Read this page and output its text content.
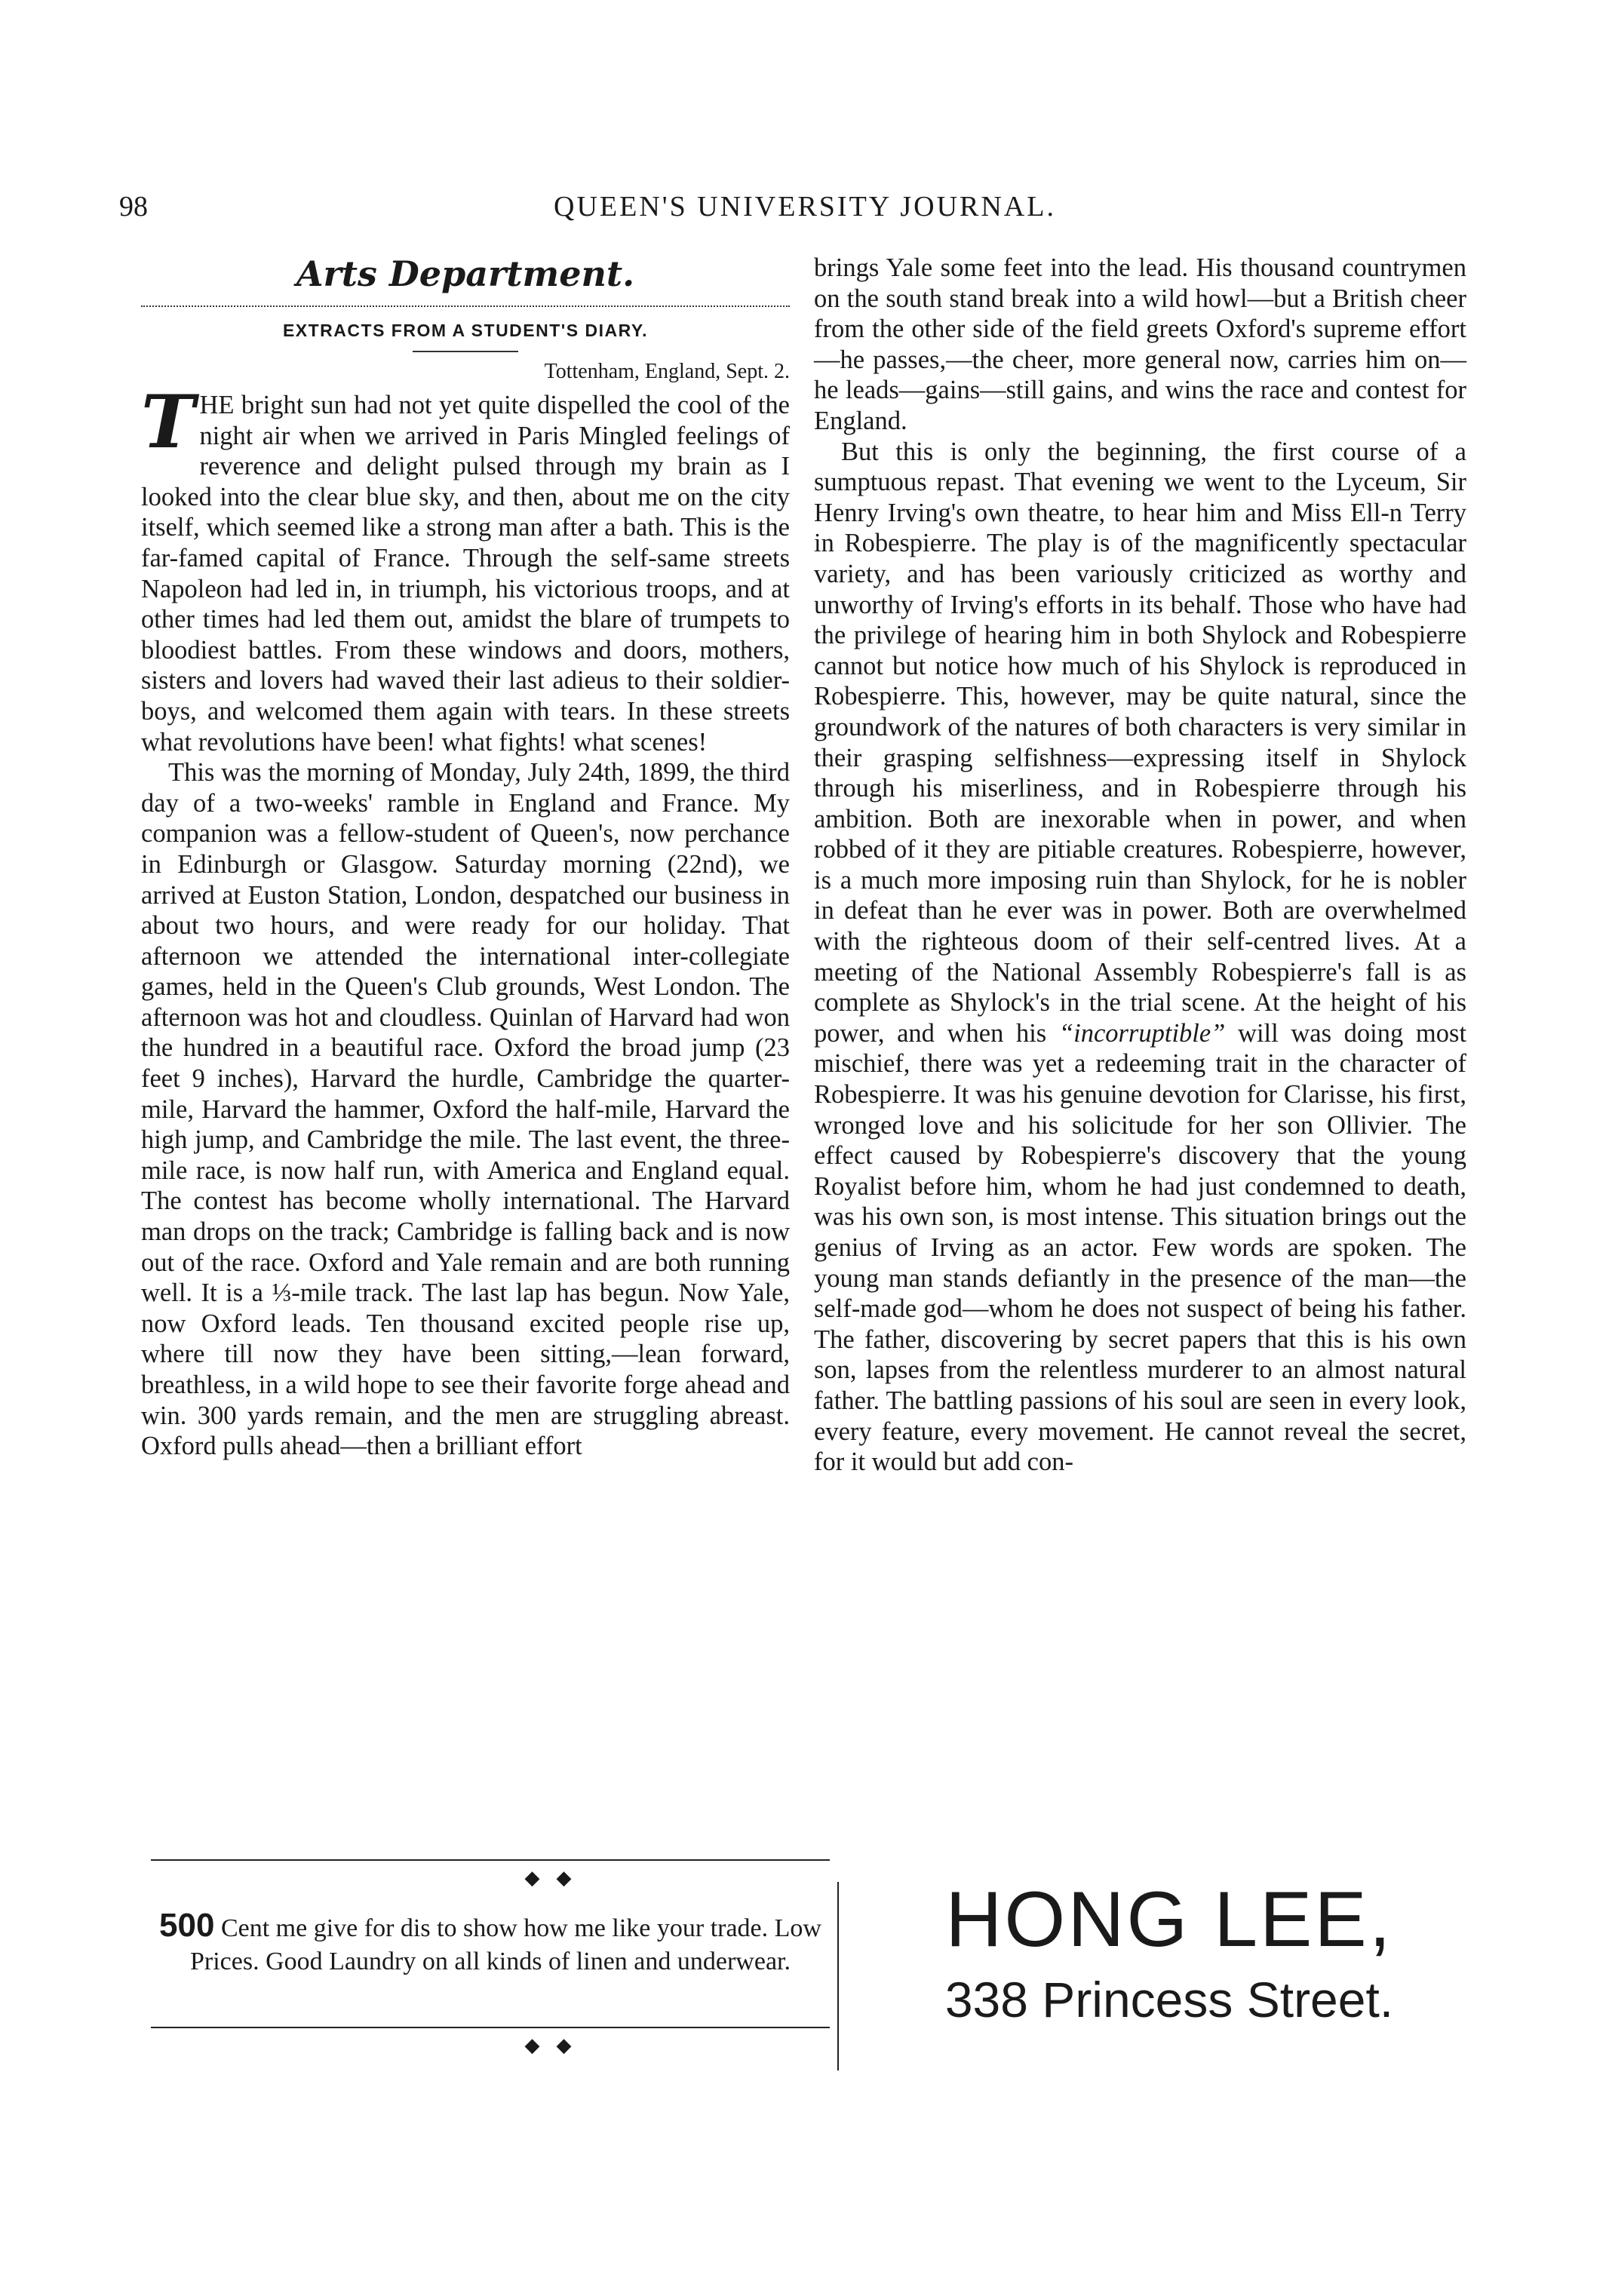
98	QUEEN'S UNIVERSITY JOURNAL.
Arts Department.
EXTRACTS FROM A STUDENT'S DIARY.
Tottenham, England, Sept. 2.

THE bright sun had not yet quite dispelled the cool of the night air when we arrived in Paris Mingled feelings of reverence and delight pulsed through my brain as I looked into the clear blue sky, and then, about me on the city itself, which seemed like a strong man after a bath. This is the far-famed capital of France. Through the self-same streets Napoleon had led in, in triumph, his victorious troops, and at other times had led them out, amidst the blare of trumpets to bloodiest battles. From these windows and doors, mothers, sisters and lovers had waved their last adieus to their soldier-boys, and welcomed them again with tears. In these streets what revolutions have been! what fights! what scenes!

This was the morning of Monday, July 24th, 1899, the third day of a two-weeks' ramble in England and France. My companion was a fellow-student of Queen's, now perchance in Edinburgh or Glasgow. Saturday morning (22nd), we arrived at Euston Station, London, despatched our business in about two hours, and were ready for our holiday. That afternoon we attended the international inter-collegiate games, held in the Queen's Club grounds, West London. The afternoon was hot and cloudless. Quinlan of Harvard had won the hundred in a beautiful race. Oxford the broad jump (23 feet 9 inches), Harvard the hurdle, Cambridge the quarter-mile, Harvard the hammer, Oxford the half-mile, Harvard the high jump, and Cambridge the mile. The last event, the three-mile race, is now half run, with America and England equal. The contest has become wholly international. The Harvard man drops on the track; Cambridge is falling back and is now out of the race. Oxford and Yale remain and are both running well. It is a ⅓-mile track. The last lap has begun. Now Yale, now Oxford leads. Ten thousand excited people rise up, where till now they have been sitting,—lean forward, breathless, in a wild hope to see their favorite forge ahead and win. 300 yards remain, and the men are struggling abreast. Oxford pulls ahead—then a brilliant effort

brings Yale some feet into the lead. His thousand countrymen on the south stand break into a wild howl—but a British cheer from the other side of the field greets Oxford's supreme effort—he passes,—the cheer, more general now, carries him on—he leads—gains—still gains, and wins the race and contest for England.

But this is only the beginning, the first course of a sumptuous repast. That evening we went to the Lyceum, Sir Henry Irving's own theatre, to hear him and Miss Ell-n Terry in Robespierre. The play is of the magnificently spectacular variety, and has been variously criticized as worthy and unworthy of Irving's efforts in its behalf. Those who have had the privilege of hearing him in both Shylock and Robespierre cannot but notice how much of his Shylock is reproduced in Robespierre. This, however, may be quite natural, since the groundwork of the natures of both characters is very similar in their grasping selfishness—expressing itself in Shylock through his miserliness, and in Robespierre through his ambition. Both are inexorable when in power, and when robbed of it they are pitiable creatures. Robespierre, however, is a much more imposing ruin than Shylock, for he is nobler in defeat than he ever was in power. Both are overwhelmed with the righteous doom of their self-centred lives. At a meeting of the National Assembly Robespierre's fall is as complete as Shylock's in the trial scene. At the height of his power, and when his “incorruptible” will was doing most mischief, there was yet a redeeming trait in the character of Robespierre. It was his genuine devotion for Clarisse, his first, wronged love and his solicitude for her son Ollivier. The effect caused by Robespierre's discovery that the young Royalist before him, whom he had just condemned to death, was his own son, is most intense. This situation brings out the genius of Irving as an actor. Few words are spoken. The young man stands defiantly in the presence of the man—the self-made god—whom he does not suspect of being his father. The father, discovering by secret papers that this is his own son, lapses from the relentless murderer to an almost natural father. The battling passions of his soul are seen in every look, every feature, every movement. He cannot reveal the secret, for it would but add con-

◆◆
500 Cent me give for dis to show how me like your trade. Low Prices. Good Laundry on all kinds of linen and underwear.
◆◆
HONG LEE,
338 Princess Street.
